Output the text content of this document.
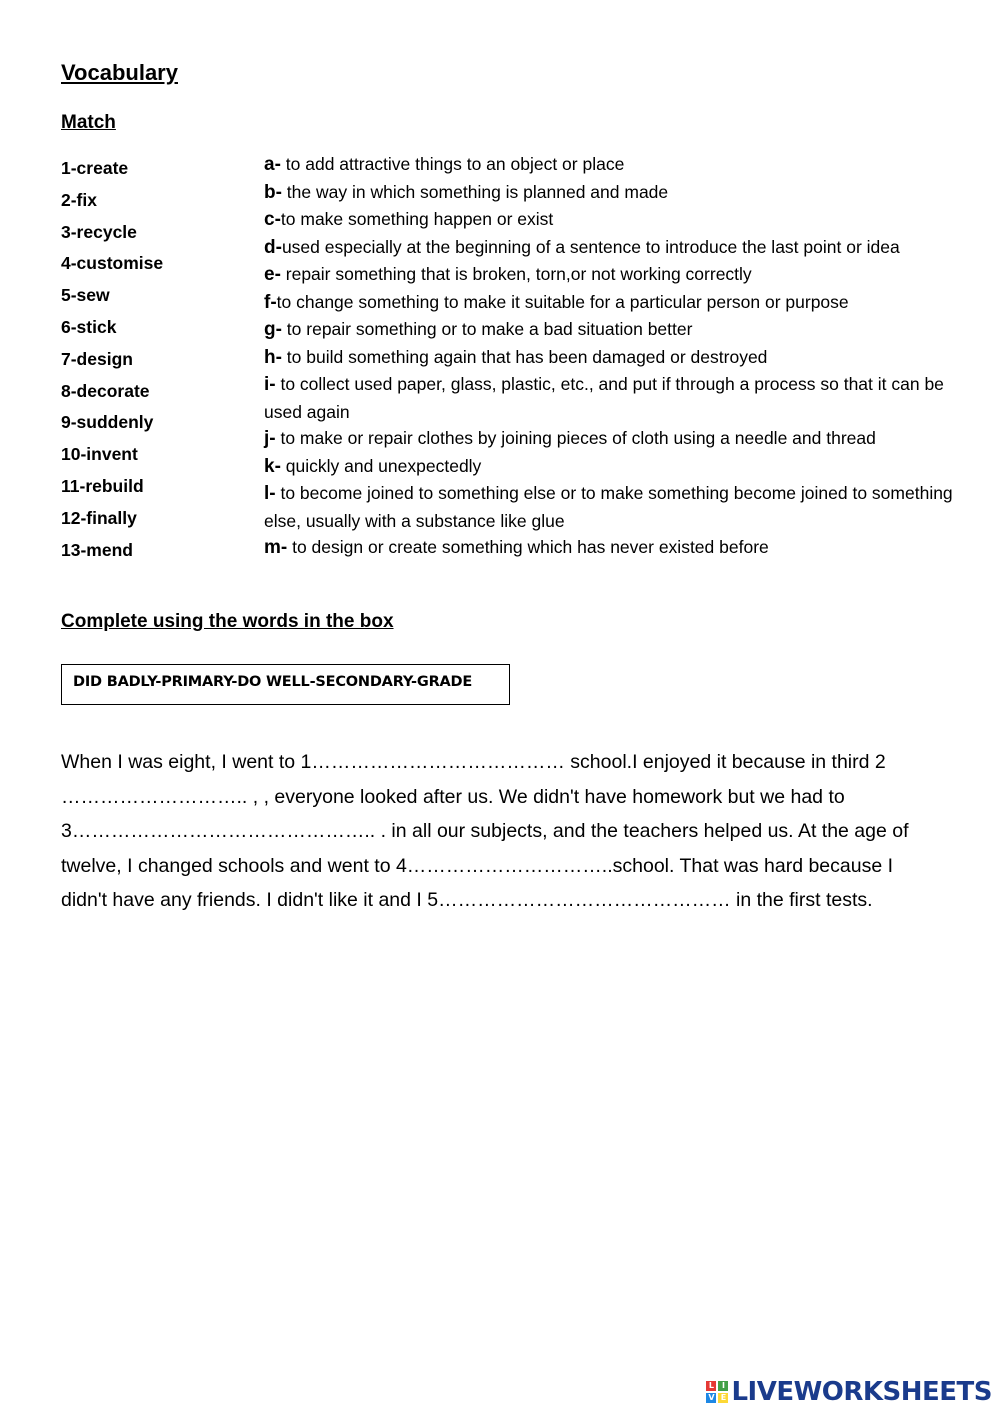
Vocabulary
Match
1-create
2-fix
3-recycle
4-customise
5-sew
6-stick
7-design
8-decorate
9-suddenly
10-invent
11-rebuild
12-finally
13-mend
a- to add attractive things to an object or place
b- the way in which something is planned and made
c-to make something happen or exist
d-used especially at the beginning of a sentence to introduce the last point or idea
e- repair something that is broken, torn,or not working correctly
f-to change something to make it suitable for a particular person or purpose
g- to repair something or to make a bad situation better
h- to build something again that has been damaged or destroyed
i- to collect used paper, glass, plastic, etc., and put if through a process so that it can be used again
j- to make or repair clothes by joining pieces of cloth using a needle and thread
k- quickly and unexpectedly
l- to become joined to something else or to make something become joined to something else, usually with a substance like glue
m- to design or create something which has never existed before
Complete using the words in the box
DID BADLY-PRIMARY-DO WELL-SECONDARY-GRADE

When I was eight, I went to 1………………………………… school.I enjoyed it because in third 2
……………………….. , , everyone looked after us. We didn't have homework but we had to
3……………………………………….. . in all our subjects, and the teachers helped us. At the age of
twelve, I changed schools and went to 4…………………………..school. That was hard because I
didn't have any friends. I didn't like it and I 5……………………………………… in the first tests.

L I
V E LIVEWORKSHEETS
